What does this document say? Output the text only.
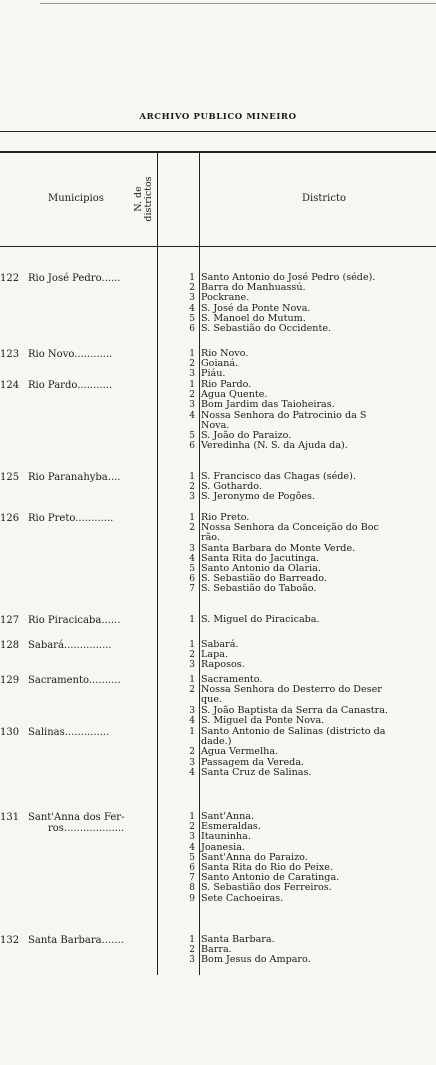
ARCHIVO PUBLICO MINEIRO
Municipios	N. de districtos	Districto
122 Rio José Pedro......	1 Santo Antonio do José Pedro (séde).
2 Barra do Manhuassú.
3 Pockrane.
4 S. José da Ponte Nova.
5 S. Manoel do Mutum.
6 S. Sebastião do Occidente.
123 Rio Novo............	1 Rio Novo.
2 Goianá.
3 Piáu.
124 Rio Pardo...........	1 Rio Pardo.
2 Agua Quente.
3 Bom Jardim das Taioheiras.
4 Nossa Senhora do Patrocinio da S
Nova.
5 S. João do Paraizo.
6 Veredinha (N. S. da Ajuda da).
125 Rio Paranahyba....	1 S. Francisco das Chagas (séde).
2 S. Gothardo.
3 S. Jeronymo de Pogões.
126 Rio Preto............	1 Rio Preto.
2 Nossa Senhora da Conceição do Boc
rão.
3 Santa Barbara do Monte Verde.
4 Santa Rita do Jacutinga.
5 Santo Antonio da Olaria.
6 S. Sebastião do Barreado.
7 S. Sebastião do Taboão.
127 Rio Piracicaba......	1 S. Miguel do Piracicaba.
128 Sabará...............	1 Sabará.
2 Lapa.
3 Raposos.
129 Sacramento..........	1 Sacramento.
2 Nossa Senhora do Desterro do Deser
que.
3 S. João Baptista da Serra da Canastra.
4 S. Miguel da Ponte Nova.
130 Salinas..............	1 Santo Antonio de Salinas (districto da
dade.)
2 Agua Vermelha.
3 Passagem da Vereda.
4 Santa Cruz de Salinas.
131 Sant'Anna dos Fer-
ros...................
1 Sant'Anna.
2 Esmeraldas.
3 Itauninha.
4 Joanesia.
5 Sant'Anna do Paraizo.
6 Santa Rita do Rio do Peixe.
7 Santo Antonio de Caratinga.
8 S. Sebastião dos Ferreiros.
9 Sete Cachoeiras.
132 Santa Barbara.......	1 Santa Barbara.
2 Barra.
3 Bom Jesus do Amparo.
